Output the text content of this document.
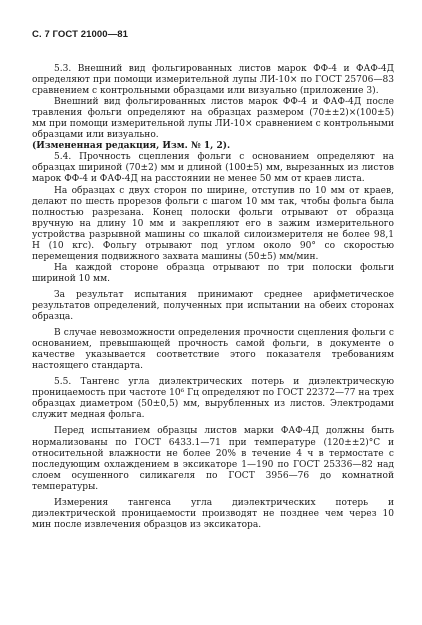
С. 7 ГОСТ 21000—81

5.3. Внешний вид фольгированных листов марок ФФ-4 и ФАФ-4Д определяют при помощи измерительной лупы ЛИ-10× по ГОСТ 25706—83 сравнением с контрольными образцами или визуально (приложение 3).

Внешний вид фольгированных листов марок ФФ-4 и ФАФ-4Д после травления фольги определяют на образцах размером (70±±2)×(100±5) мм при помощи измерительной лупы ЛИ-10× сравнением с контрольными образцами или визуально.

(Измененная редакция, Изм. № 1, 2).

5.4. Прочность сцепления фольги с основанием определяют на образцах шириной (70±2) мм и длиной (100±5) мм, вырезанных из листов марок ФФ-4 и ФАФ-4Д на расстоянии не менее 50 мм от краев листа.

На образцах с двух сторон по ширине, отступив по 10 мм от краев, делают по шесть прорезов фольги с шагом 10 мм так, чтобы фольга была полностью разрезана. Конец полоски фольги отрывают от образца вручную на длину 10 мм и закрепляют его в зажим измерительного устройства разрывной машины со шкалой силоизмерителя не более 98,1 Н (10 кгс). Фольгу отрывают под углом около 90° со скоростью перемещения подвижного захвата машины (50±5) мм/мин.

На каждой стороне образца отрывают по три полоски фольги шириной 10 мм.

За результат испытания принимают среднее арифметическое результатов определений, полученных при испытании на обеих сторонах образца.

В случае невозможности определения прочности сцепления фольги с основанием, превышающей прочность самой фольги, в документе о качестве указывается соответствие этого показателя требованиям настоящего стандарта.

5.5. Тангенс угла диэлектрических потерь и диэлектрическую проницаемость при частоте 10⁶ Гц определяют по ГОСТ 22372—77 на трех образцах диаметром (50±0,5) мм, вырубленных из листов. Электродами служит медная фольга.

Перед испытанием образцы листов марки ФАФ-4Д должны быть нормализованы по ГОСТ 6433.1—71 при температуре (120±±2)°С и относительной влажности не более 20% в течение 4 ч в термостате с последующим охлаждением в эксикаторе 1—190 по ГОСТ 25336—82 над слоем осушенного силикагеля по ГОСТ 3956—76 до комнатной температуры.

Измерения тангенса угла диэлектрических потерь и диэлектрической проницаемости производят не позднее чем через 10 мин после извлечения образцов из эксикатора.
